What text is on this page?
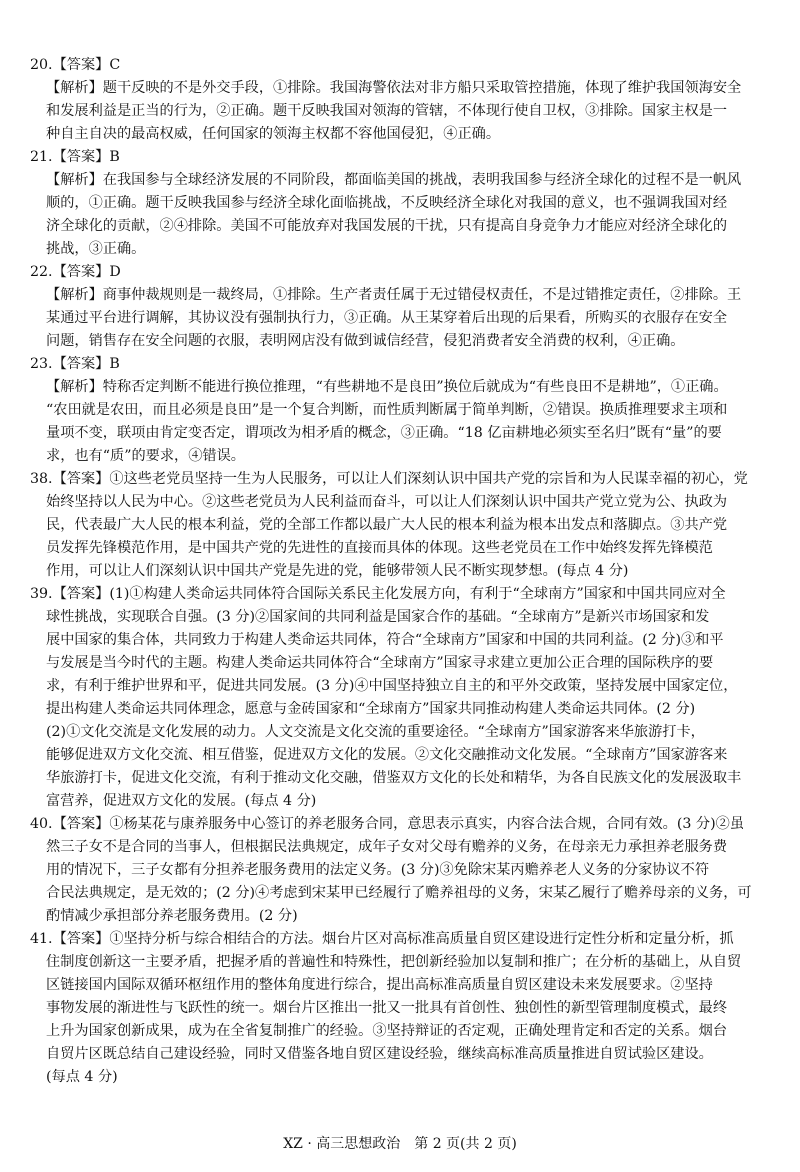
20.【答案】C
【解析】题干反映的不是外交手段，①排除。我国海警依法对非方船只采取管控措施，体现了维护我国领海安全
和发展利益是正当的行为，②正确。题干反映我国对领海的管辖，不体现行使自卫权，③排除。国家主权是一
种自主自决的最高权威，任何国家的领海主权都不容他国侵犯，④正确。
21.【答案】B
【解析】在我国参与全球经济发展的不同阶段，都面临美国的挑战，表明我国参与经济全球化的过程不是一帆风
顺的，①正确。题干反映我国参与经济全球化面临挑战，不反映经济全球化对我国的意义，也不强调我国对经
济全球化的贡献，②④排除。美国不可能放弃对我国发展的干扰，只有提高自身竞争力才能应对经济全球化的
挑战，③正确。
22.【答案】D
【解析】商事仲裁规则是一裁终局，①排除。生产者责任属于无过错侵权责任，不是过错推定责任，②排除。王
某通过平台进行调解，其协议没有强制执行力，③正确。从王某穿着后出现的后果看，所购买的衣服存在安全
问题，销售存在安全问题的衣服，表明网店没有做到诚信经营，侵犯消费者安全消费的权利，④正确。
23.【答案】B
【解析】特称否定判断不能进行换位推理，“有些耕地不是良田”换位后就成为“有些良田不是耕地”，①正确。
“农田就是农田，而且必须是良田”是一个复合判断，而性质判断属于简单判断，②错误。换质推理要求主项和
量项不变，联项由肯定变否定，谓项改为相矛盾的概念，③正确。“18 亿亩耕地必须实至名归”既有“量”的要
求，也有“质”的要求，④错误。
38.【答案】①这些老党员坚持一生为人民服务，可以让人们深刻认识中国共产党的宗旨和为人民谋幸福的初心，党
始终坚持以人民为中心。②这些老党员为人民利益而奋斗，可以让人们深刻认识中国共产党立党为公、执政为
民，代表最广大人民的根本利益，党的全部工作都以最广大人民的根本利益为根本出发点和落脚点。③共产党
员发挥先锋模范作用，是中国共产党的先进性的直接而具体的体现。这些老党员在工作中始终发挥先锋模范
作用，可以让人们深刻认识中国共产党是先进的党，能够带领人民不断实现梦想。(每点 4 分)
39.【答案】(1)①构建人类命运共同体符合国际关系民主化发展方向，有利于“全球南方”国家和中国共同应对全
球性挑战，实现联合自强。(3 分)②国家间的共同利益是国家合作的基础。“全球南方”是新兴市场国家和发
展中国家的集合体，共同致力于构建人类命运共同体，符合“全球南方”国家和中国的共同利益。(2 分)③和平
与发展是当今时代的主题。构建人类命运共同体符合“全球南方”国家寻求建立更加公正合理的国际秩序的要
求，有利于维护世界和平，促进共同发展。(3 分)④中国坚持独立自主的和平外交政策，坚持发展中国家定位，
提出构建人类命运共同体理念，愿意与金砖国家和“全球南方”国家共同推动构建人类命运共同体。(2 分)
(2)①文化交流是文化发展的动力。人文交流是文化交流的重要途径。“全球南方”国家游客来华旅游打卡，
能够促进双方文化交流、相互借鉴，促进双方文化的发展。②文化交融推动文化发展。“全球南方”国家游客来
华旅游打卡，促进文化交流，有利于推动文化交融，借鉴双方文化的长处和精华，为各自民族文化的发展汲取丰
富营养，促进双方文化的发展。(每点 4 分)
40.【答案】①杨某花与康养服务中心签订的养老服务合同，意思表示真实，内容合法合规，合同有效。(3 分)②虽
然三子女不是合同的当事人，但根据民法典规定，成年子女对父母有赡养的义务，在母亲无力承担养老服务费
用的情况下，三子女都有分担养老服务费用的法定义务。(3 分)③免除宋某丙赡养老人义务的分家协议不符
合民法典规定，是无效的；(2 分)④考虑到宋某甲已经履行了赡养祖母的义务，宋某乙履行了赡养母亲的义务，可
酌情减少承担部分养老服务费用。(2 分)
41.【答案】①坚持分析与综合相结合的方法。烟台片区对高标准高质量自贸区建设进行定性分析和定量分析，抓
住制度创新这一主要矛盾，把握矛盾的普遍性和特殊性，把创新经验加以复制和推广；在分析的基础上，从自贸
区链接国内国际双循环枢纽作用的整体角度进行综合，提出高标准高质量自贸区建设未来发展要求。②坚持
事物发展的渐进性与飞跃性的统一。烟台片区推出一批又一批具有首创性、独创性的新型管理制度模式，最终
上升为国家创新成果，成为在全省复制推广的经验。③坚持辩证的否定观，正确处理肯定和否定的关系。烟台
自贸片区既总结自己建设经验，同时又借鉴各地自贸区建设经验，继续高标准高质量推进自贸试验区建设。
(每点 4 分)
XZ · 高三思想政治　第 2 页(共 2 页)
